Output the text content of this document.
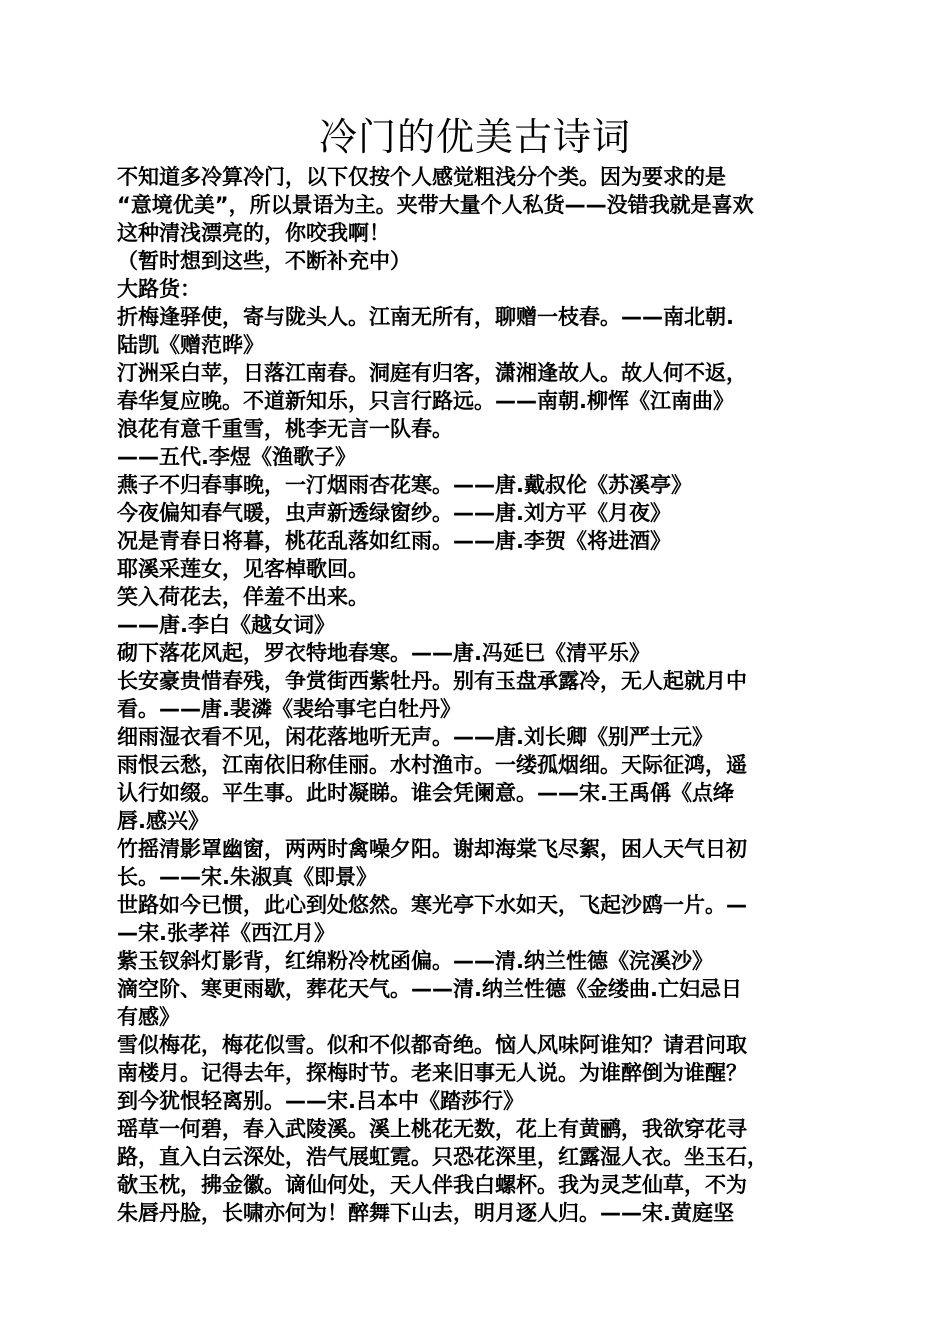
冷门的优美古诗词

不知道多冷算冷门，以下仅按个人感觉粗浅分个类。因为要求的是

“意境优美”，所以景语为主。夹带大量个人私货——没错我就是喜欢

这种清浅漂亮的，你咬我啊！

（暂时想到这些，不断补充中）

大路货：

折梅逢驿使，寄与陇头人。江南无所有，聊赠一枝春。——南北朝.

陆凯《赠范晔》

汀洲采白苹，日落江南春。洞庭有归客，潇湘逢故人。故人何不返，

春华复应晚。不道新知乐，只言行路远。——南朝.柳恽《江南曲》

浪花有意千重雪，桃李无言一队春。

——五代.李煜《渔歌子》

燕子不归春事晚，一汀烟雨杏花寒。——唐.戴叔伦《苏溪亭》

今夜偏知春气暖，虫声新透绿窗纱。——唐.刘方平《月夜》

况是青春日将暮，桃花乱落如红雨。——唐.李贺《将进酒》

耶溪采莲女，见客棹歌回。

笑入荷花去，佯羞不出来。

——唐.李白《越女词》

砌下落花风起，罗衣特地春寒。——唐.冯延巳《清平乐》

长安豪贵惜春残，争赏街西紫牡丹。别有玉盘承露冷，无人起就月中

看。——唐.裴潾《裴给事宅白牡丹》

细雨湿衣看不见，闲花落地听无声。——唐.刘长卿《别严士元》

雨恨云愁，江南依旧称佳丽。水村渔市。一缕孤烟细。天际征鸿，遥

认行如缀。平生事。此时凝睇。谁会凭阑意。——宋.王禹偁《点绛

唇.感兴》

竹摇清影罩幽窗，两两时禽噪夕阳。谢却海棠飞尽絮，困人天气日初

长。——宋.朱淑真《即景》

世路如今已惯，此心到处悠然。寒光亭下水如天，飞起沙鸥一片。—

—宋.张孝祥《西江月》

紫玉钗斜灯影背，红绵粉冷枕函偏。——清.纳兰性德《浣溪沙》

滴空阶、寒更雨歇，葬花天气。——清.纳兰性德《金缕曲.亡妇忌日

有感》

雪似梅花，梅花似雪。似和不似都奇绝。恼人风味阿谁知？请君问取

南楼月。记得去年，探梅时节。老来旧事无人说。为谁醉倒为谁醒？

到今犹恨轻离别。——宋.吕本中《踏莎行》

瑶草一何碧，春入武陵溪。溪上桃花无数，花上有黄鹂，我欲穿花寻

路，直入白云深处，浩气展虹霓。只恐花深里，红露湿人衣。坐玉石，

欹玉枕，拂金徽。谪仙何处，天人伴我白螺杯。我为灵芝仙草，不为

朱唇丹脸，长啸亦何为！醉舞下山去，明月逐人归。——宋.黄庭坚
